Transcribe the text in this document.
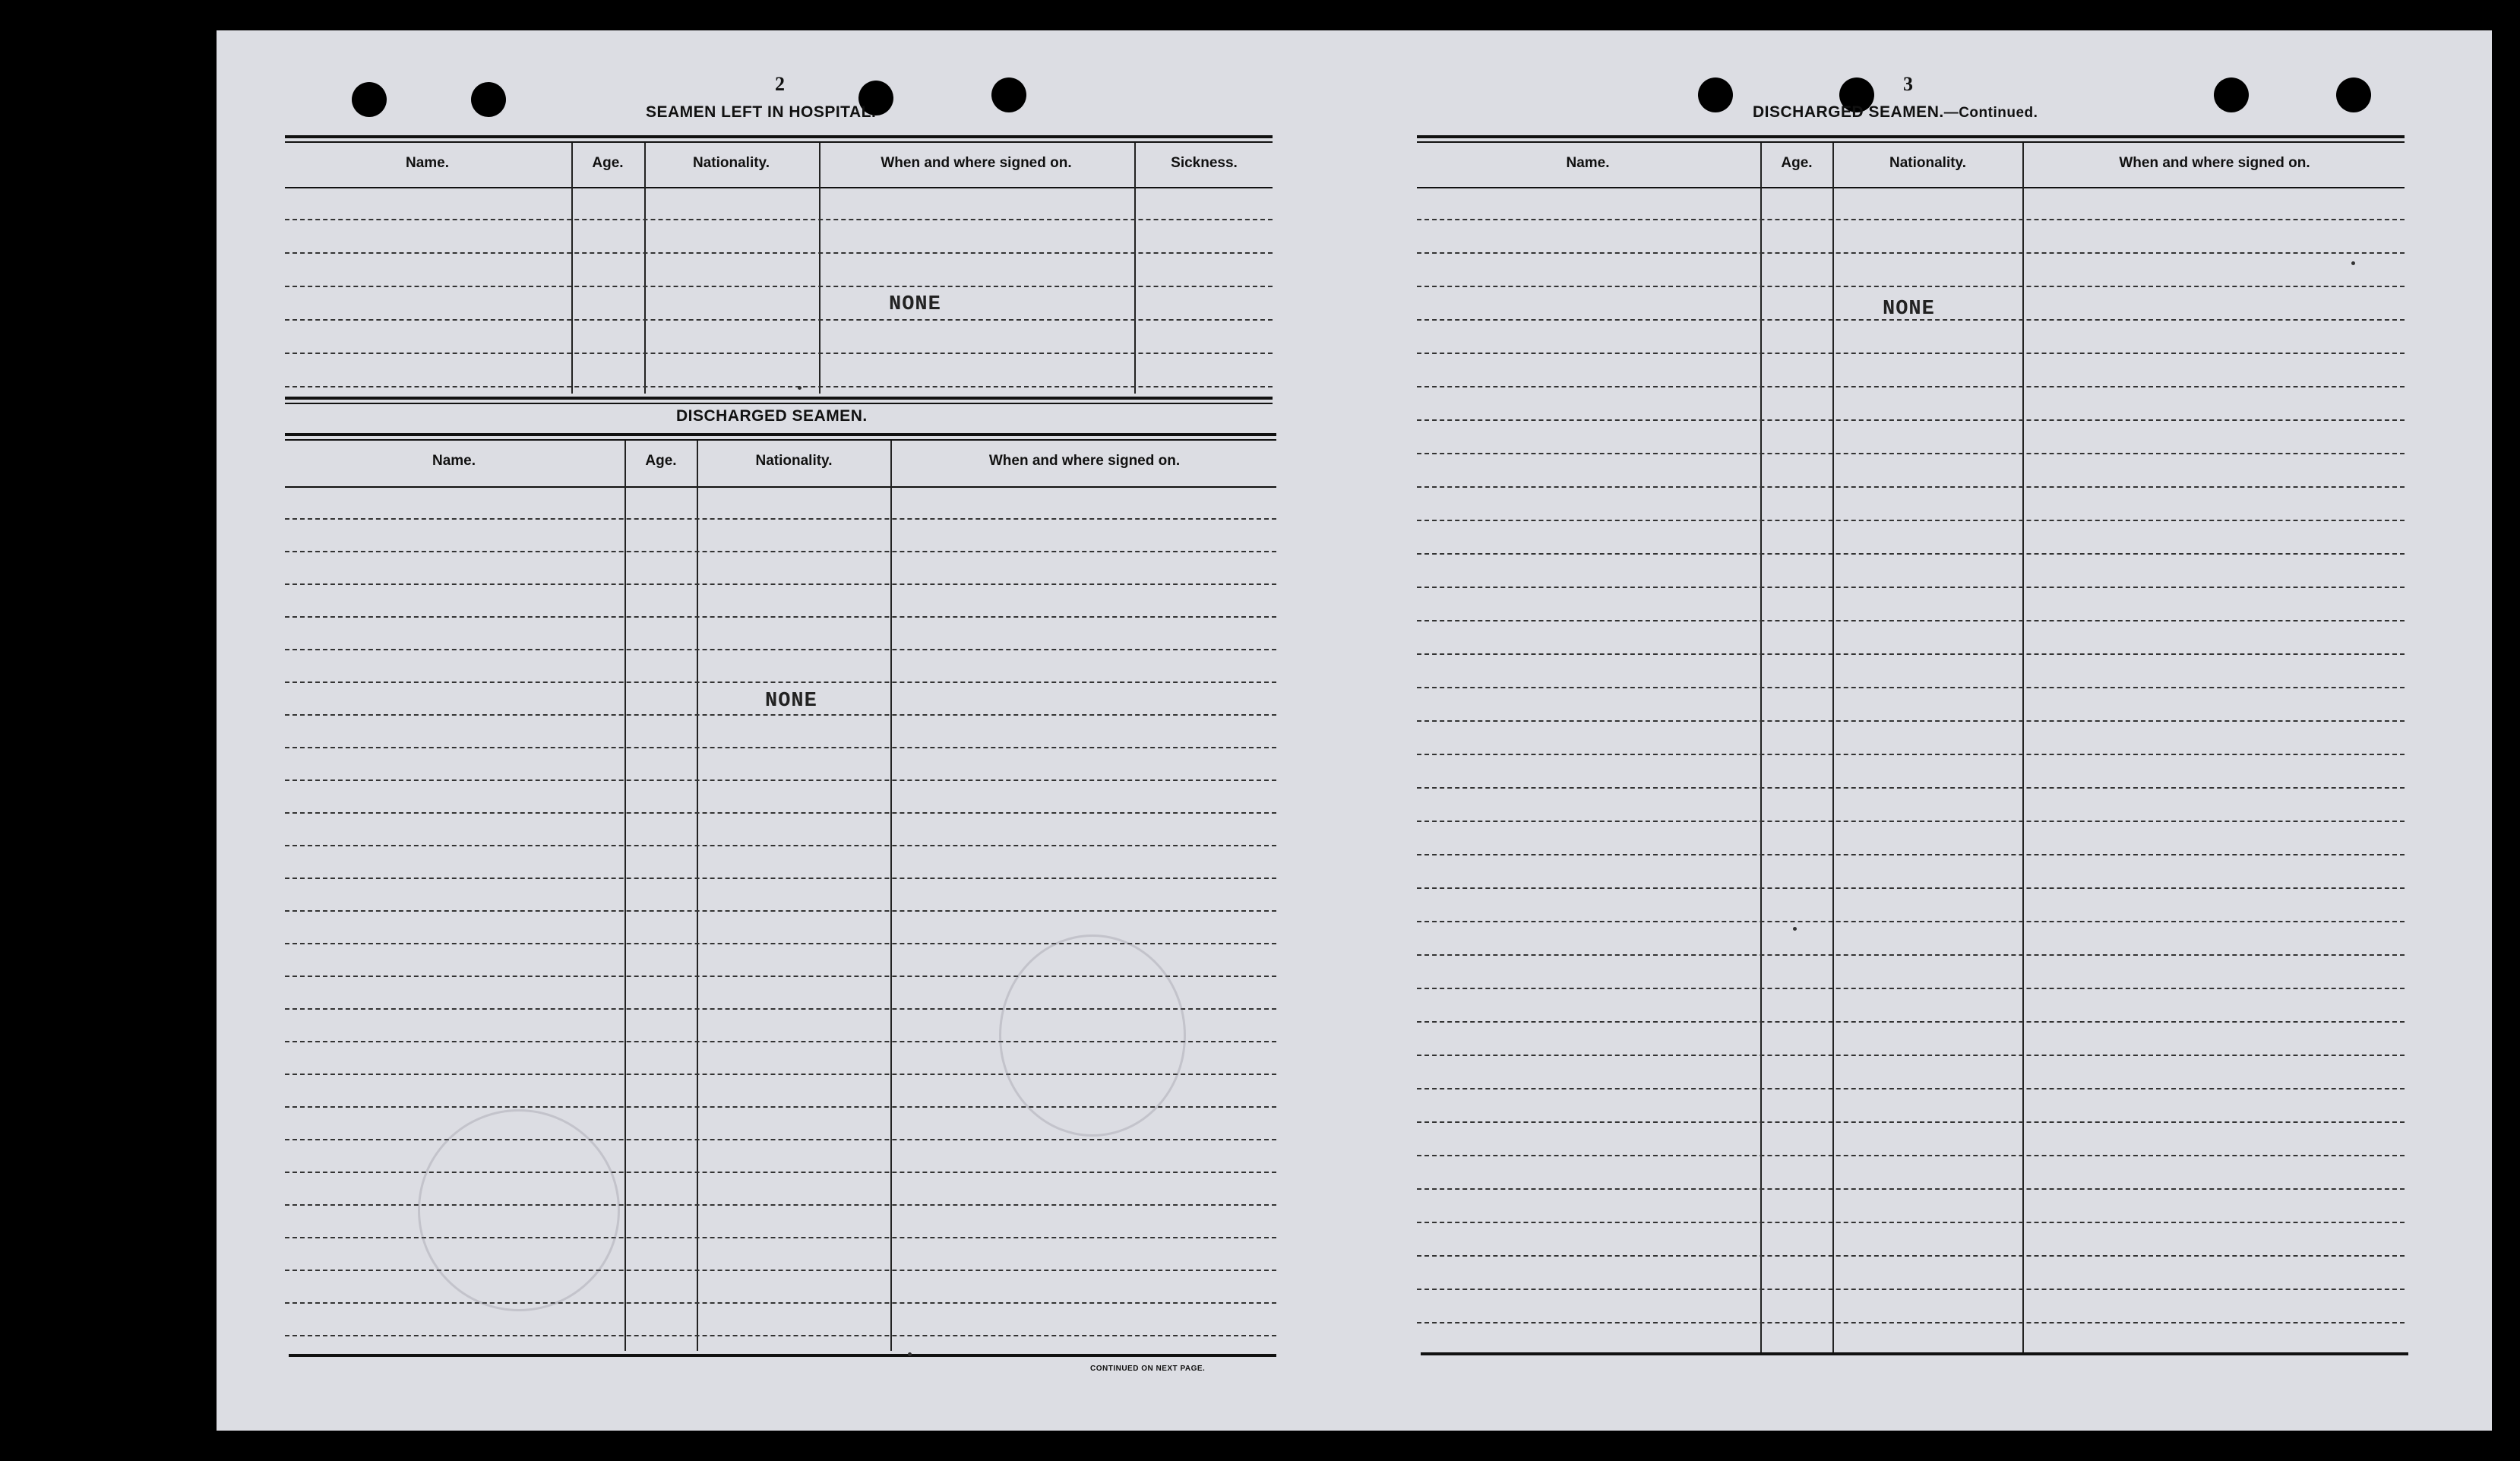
2
SEAMEN LEFT IN HOSPITAL.
Name.	Age.	Nationality.	When and where signed on.	Sickness.
NONE
DISCHARGED SEAMEN.
Name.	Age.	Nationality.	When and where signed on.
NONE
CONTINUED ON NEXT PAGE.
3
DISCHARGED SEAMEN.—Continued.
Name.	Age.	Nationality.	When and where signed on.
NONE
